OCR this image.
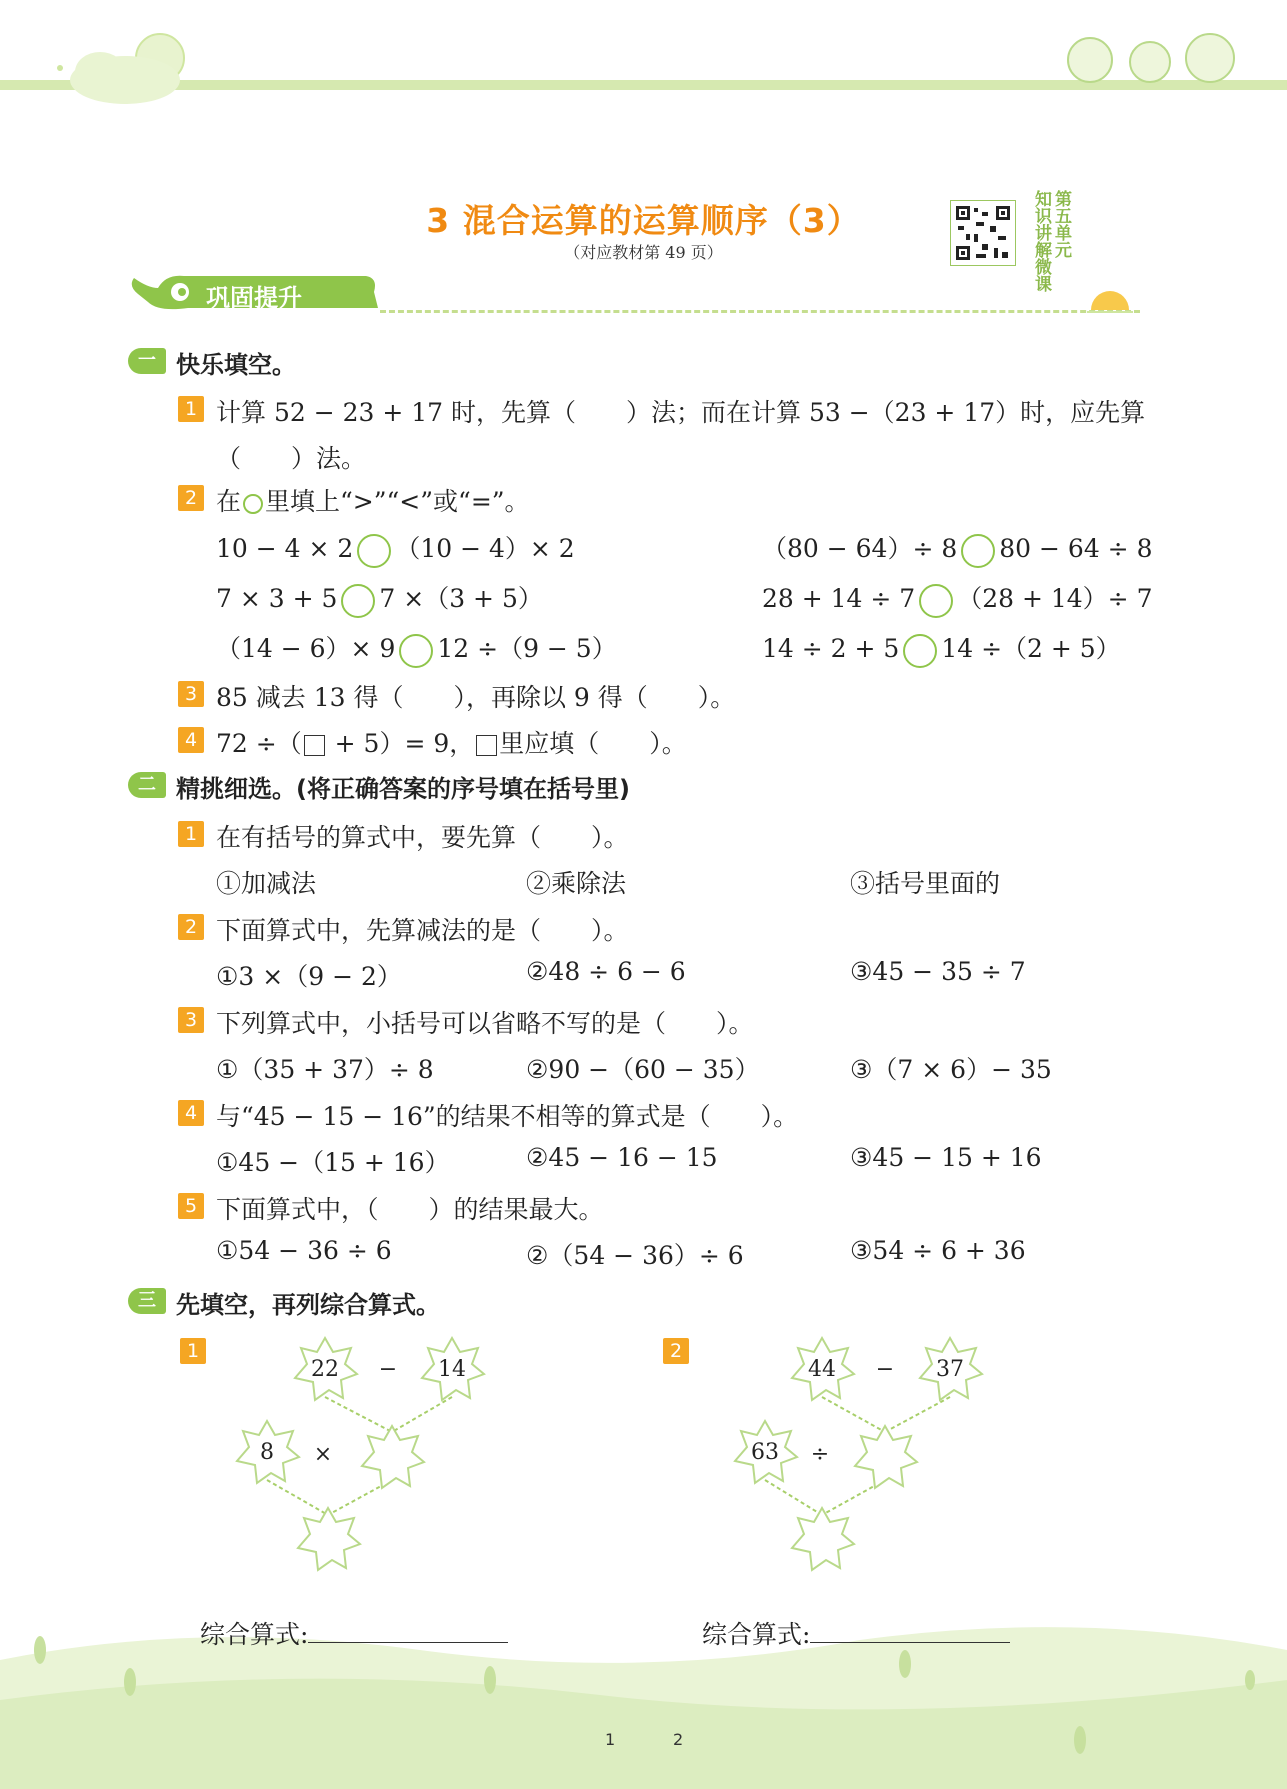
3 混合运算的运算顺序（3）
（对应教材第 49 页）	知识讲解微课第五单元
巩固提升
一 快乐填空。
1 计算 52 − 23 + 17 时，先算（　　）法；而在计算 53 −（23 + 17）时，应先算
（　　）法。
2 在 里填上“>”“<”或“=”。
10 − 4 × 2 （10 − 4）× 2	（80 − 64）÷ 8 80 − 64 ÷ 8
7 × 3 + 5 7 ×（3 + 5）	28 + 14 ÷ 7 （28 + 14）÷ 7
（14 − 6）× 9 12 ÷（9 − 5）	14 ÷ 2 + 5 14 ÷（2 + 5）
3 85 减去 13 得（　　），再除以 9 得（　　）。
4 72 ÷（ + 5）= 9， 里应填（　　）。
二 精挑细选。(将正确答案的序号填在括号里)
1 在有括号的算式中，要先算（　　）。
①加减法	②乘除法	③括号里面的
2 下面算式中，先算减法的是（　　）。
①3 ×（9 − 2）	②48 ÷ 6 − 6	③45 − 35 ÷ 7
3 下列算式中，小括号可以省略不写的是（　　）。
①（35 + 37）÷ 8	②90 −（60 − 35）	③（7 × 6）− 35
4 与“45 − 15 − 16”的结果不相等的算式是（　　）。
①45 −（15 + 16）	②45 − 16 − 15	③45 − 15 + 16
5 下面算式中，（　　）的结果最大。
①54 − 36 ÷ 6	②（54 − 36）÷ 6	③54 ÷ 6 + 36
三 先填空，再列综合算式。
1	2
22	−	14
8	×
44	−	37
63	÷
综合算式:	综合算式:
1	2
